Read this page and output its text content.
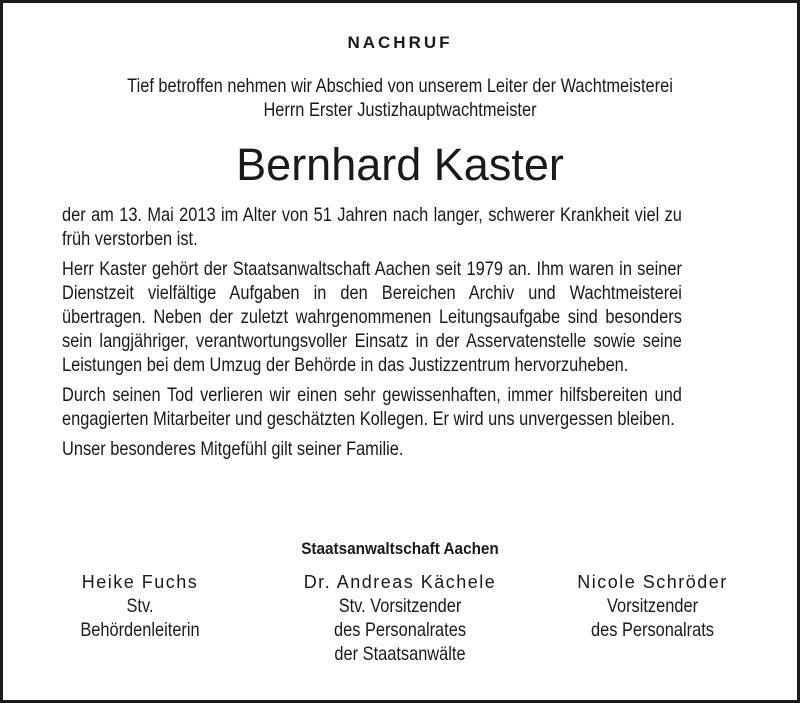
NACHRUF
Tief betroffen nehmen wir Abschied von unserem Leiter der Wachtmeisterei
Herrn Erster Justizhauptwachtmeister
Bernhard Kaster

der am 13. Mai 2013 im Alter von 51 Jahren nach langer, schwerer Krankheit viel zu früh verstorben ist.

Herr Kaster gehört der Staatsanwaltschaft Aachen seit 1979 an. Ihm waren in seiner Dienstzeit vielfältige Aufgaben in den Bereichen Archiv und Wachtmeisterei übertragen. Neben der zuletzt wahrgenommenen Leitungsaufgabe sind besonders sein langjähriger, verantwortungsvoller Einsatz in der Asservatenstelle sowie seine Leistungen bei dem Umzug der Behörde in das Justizzentrum hervorzuheben.

Durch seinen Tod verlieren wir einen sehr gewissenhaften, immer hilfsbereiten und engagierten Mitarbeiter und geschätzten Kollegen. Er wird uns unvergessen bleiben.

Unser besonderes Mitgefühl gilt seiner Familie.

Staatsanwaltschaft Aachen
Heike Fuchs
Stv.
Behördenleiterin
Dr. Andreas Kächele
Stv. Vorsitzender
des Personalrates
der Staatsanwälte
Nicole Schröder
Vorsitzender
des Personalrats
